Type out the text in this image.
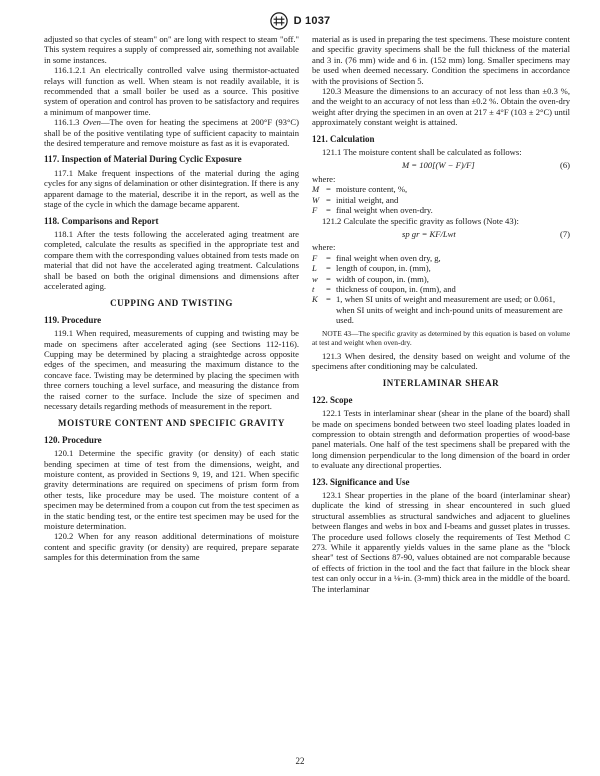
D 1037

adjusted so that cycles of steam" on" are long with respect to steam "off." This system requires a supply of compressed air, something not available in some instances.

116.1.2.1 An electrically controlled valve using thermistor-actuated relays will function as well. When steam is not readily available, it is recommended that a small boiler be used as a source. This positive system of operation and control has proven to be satisfactory and requires a minimum of manpower time.

116.1.3 Oven—The oven for heating the specimens at 200°F (93°C) shall be of the positive ventilating type of sufficient capacity to maintain the desired temperature and remove moisture as fast as it is evaporated.

117. Inspection of Material During Cyclic Exposure

117.1 Make frequent inspections of the material during the aging cycles for any signs of delamination or other disintegration. If there is any apparent damage to the material, describe it in the report, as well as the stage of the cycle in which the damage became apparent.

118. Comparisons and Report

118.1 After the tests following the accelerated aging treatment are completed, calculate the results as specified in the appropriate test and compare them with the corresponding values obtained from tests made on material that did not have the accelerated aging treatment. Calculations shall be based on both the original dimensions and dimensions after accelerated aging.

CUPPING AND TWISTING
119. Procedure

119.1 When required, measurements of cupping and twisting may be made on specimens after accelerated aging (see Sections 112-116). Cupping may be determined by placing a straightedge across opposite edges of the specimen, and measuring the maximum distance to the concave face. Twisting may be determined by placing the specimen with three corners touching a level surface, and measuring the distance from the raised corner to the surface. Include the size of specimen and necessary details regarding methods of measurement in the report.

MOISTURE CONTENT AND SPECIFIC GRAVITY
120. Procedure

120.1 Determine the specific gravity (or density) of each static bending specimen at time of test from the dimensions, weight, and moisture content, as provided in Sections 9, 19, and 121. When specific gravity determinations are required on specimens of prism form from other tests, like procedure may be used. The moisture content of a specimen may be determined from a coupon cut from the test specimen as in the static bending test, or the entire test specimen may be used for the moisture determination.

120.2 When for any reason additional determinations of moisture content and specific gravity (or density) are required, prepare separate samples for this determination from the same

material as is used in preparing the test specimens. These moisture content and specific gravity specimens shall be the full thickness of the material and 3 in. (76 mm) wide and 6 in. (152 mm) long. Smaller specimens may be used when deemed necessary. Condition the specimens in accordance with the provisions of Section 5.

120.3 Measure the dimensions to an accuracy of not less than ±0.3 %, and the weight to an accuracy of not less than ±0.2 %. Obtain the oven-dry weight after drying the specimen in an oven at 217 ± 4°F (103 ± 2°C) until approximately constant weight is attained.

121. Calculation

121.1 The moisture content shall be calculated as follows:

M = 100[(W − F)/F]	(6)
where:
M = moisture content, %,
W = initial weight, and
F	= final weight when oven-dry.

121.2 Calculate the specific gravity as follows (Note 43):

sp gr = KF/Lwt	(7)
where:
F	= final weight when oven dry, g,
L	= length of coupon, in. (mm),
w = width of coupon, in. (mm),
t	= thickness of coupon, in. (mm), and
K = 1, when SI units of weight and measurement are used; or 0.061, when SI units of weight and inch-pound units of measurement are used.

NOTE 43—The specific gravity as determined by this equation is based on volume at test and weight when oven-dry.

121.3 When desired, the density based on weight and volume of the specimens after conditioning may be calculated.

INTERLAMINAR SHEAR
122. Scope

122.1 Tests in interlaminar shear (shear in the plane of the board) shall be made on specimens bonded between two steel loading plates loaded in compression to obtain strength and deformation properties of wood-base panel materials. One half of the test specimens shall be prepared with the long dimension perpendicular to the long dimension of the board in order to evaluate any directional properties.

123. Significance and Use

123.1 Shear properties in the plane of the board (interlaminar shear) duplicate the kind of stressing in shear encountered in such glued structural assemblies as structural sandwiches and adjacent to gluelines between flanges and webs in box and I-beams and gusset plates in trusses. The procedure used follows closely the requirements of Test Method C 273. While it apparently yields values in the same plane as the "block shear" test of Sections 87-90, values obtained are not comparable because of effects of friction in the tool and the fact that failure in the block shear test can only occur in a ⅛-in. (3-mm) thick area in the middle of the board. The interlaminar

22
